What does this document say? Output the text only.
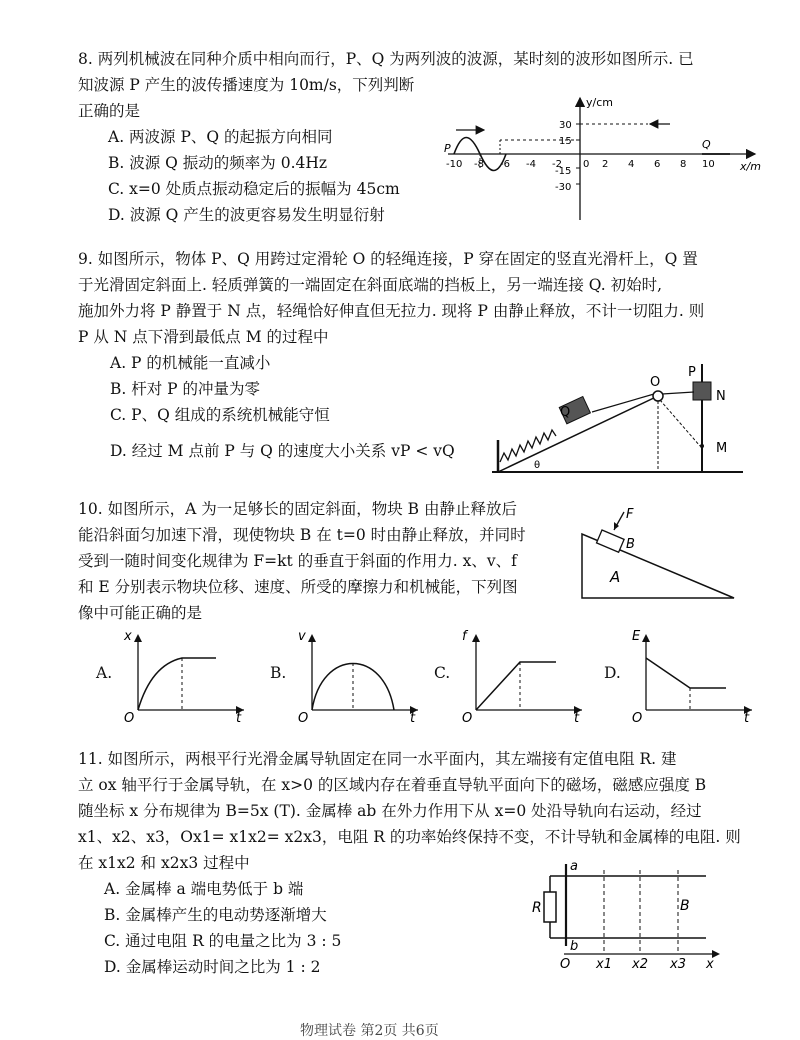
8. 两列机械波在同种介质中相向而行，P、Q 为两列波的波源，某时刻的波形如图所示. 已
知波源 P 产生的波传播速度为 10m/s，下列判断
正确的是
A. 两波源 P、Q 的起振方向相同
B. 波源 Q 振动的频率为 0.4Hz
C. x=0 处质点振动稳定后的振幅为 45cm
D. 波源 Q 产生的波更容易发生明显衍射
y/cm
x/m
30
15
-15
-30
-10 -8 -6 -4 -2 0 2 4 6 8 10
P	Q
9. 如图所示，物体 P、Q 用跨过定滑轮 O 的轻绳连接，P 穿在固定的竖直光滑杆上，Q 置
于光滑固定斜面上. 轻质弹簧的一端固定在斜面底端的挡板上，另一端连接 Q. 初始时,
施加外力将 P 静置于 N 点，轻绳恰好伸直但无拉力. 现将 P 由静止释放，不计一切阻力. 则
P 从 N 点下滑到最低点 M 的过程中
A. P 的机械能一直减小
B. 杆对 P 的冲量为零
C. P、Q 组成的系统机械能守恒
D. 经过 M 点前 P 与 Q 的速度大小关系 vP < vQ
Q
O
P
N
M
θ
10. 如图所示，A 为一足够长的固定斜面，物块 B 由静止释放后
能沿斜面匀加速下滑，现使物块 B 在 t=0 时由静止释放，并同时
受到一随时间变化规律为 F=kt 的垂直于斜面的作用力. x、v、f
和 E 分别表示物块位移、速度、所受的摩擦力和机械能，下列图
像中可能正确的是
A
B
F
A.
x
t
O
B.
v
t
O
C.
f
t
O
D.
E
t
O
11. 如图所示，两根平行光滑金属导轨固定在同一水平面内，其左端接有定值电阻 R. 建
立 ox 轴平行于金属导轨，在 x>0 的区域内存在着垂直导轨平面向下的磁场，磁感应强度 B
随坐标 x 分布规律为 B=5x (T). 金属棒 ab 在外力作用下从 x=0 处沿导轨向右运动，经过
x1、x2、x3，Ox1= x1x2= x2x3，电阻 R 的功率始终保持不变，不计导轨和金属棒的电阻. 则
在 x1x2 和 x2x3 过程中
A. 金属棒 a 端电势低于 b 端
B. 金属棒产生的电动势逐渐增大
C. 通过电阻 R 的电量之比为 3 : 5
D. 金属棒运动时间之比为 1 : 2
R
a
b
B
O x1 x2 x3 x
物理试卷 第2页 共6页
